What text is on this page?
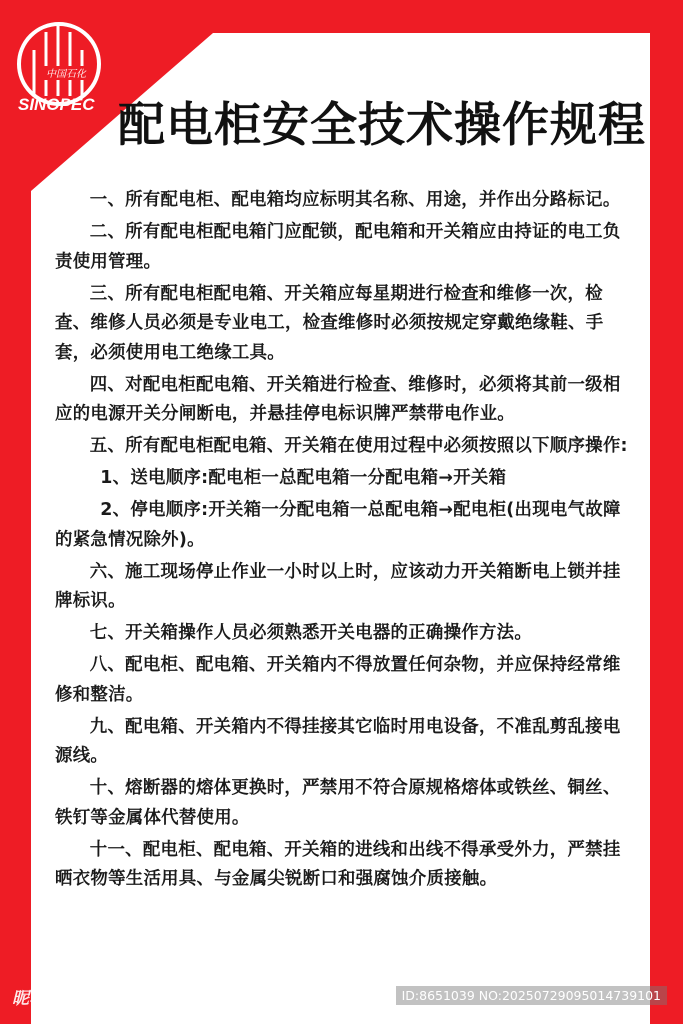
中国石化
SINOPEC 配电柜安全技术操作规程

一、所有配电柜、配电箱均应标明其名称、用途，并作出分路标记。

二、所有配电柜配电箱门应配锁，配电箱和开关箱应由持证的电工负责使用管理。

三、所有配电柜配电箱、开关箱应每星期进行检查和维修一次，检查、维修人员必须是专业电工，检查维修时必须按规定穿戴绝缘鞋、手套，必须使用电工绝缘工具。

四、对配电柜配电箱、开关箱进行检查、维修时，必须将其前一级相应的电源开关分闸断电，并悬挂停电标识牌严禁带电作业。

五、所有配电柜配电箱、开关箱在使用过程中必须按照以下顺序操作:

1、送电顺序:配电柜一总配电箱一分配电箱→开关箱

2、停电顺序:开关箱一分配电箱一总配电箱→配电柜(出现电气故障的紧急情况除外)。

六、施工现场停止作业一小时以上时，应该动力开关箱断电上锁并挂牌标识。

七、开关箱操作人员必须熟悉开关电器的正确操作方法。

八、配电柜、配电箱、开关箱内不得放置任何杂物，并应保持经常维修和整洁。

九、配电箱、开关箱内不得挂接其它临时用电设备，不准乱剪乱接电源线。

十、熔断器的熔体更换时，严禁用不符合原规格熔体或铁丝、铜丝、铁钉等金属体代替使用。

十一、配电柜、配电箱、开关箱的进线和出线不得承受外力，严禁挂晒衣物等生活用具、与金属尖锐断口和强腐蚀介质接触。

昵享网 www.nipic.cn	ID:8651039 NO:20250729095014739101
